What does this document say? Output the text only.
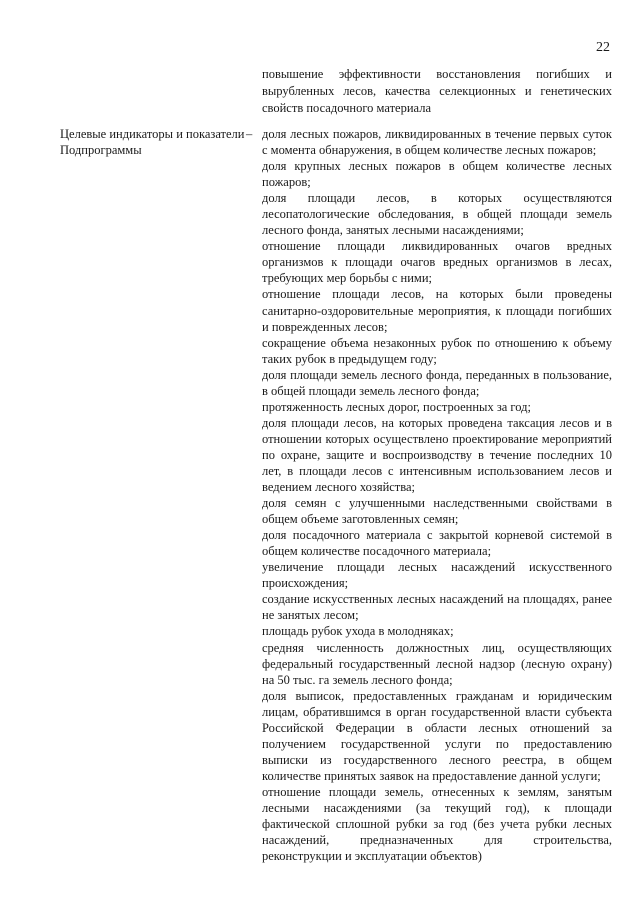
22
повышение эффективности восстановления погибших и вырубленных лесов, качества селекционных и генетических свойств посадочного материала
Целевые индикаторы и показатели Подпрограммы
– доля лесных пожаров, ликвидированных в течение первых суток с момента обнаружения, в общем количестве лесных пожаров;
доля крупных лесных пожаров в общем количестве лесных пожаров;
доля площади лесов, в которых осуществляются лесопатологические обследования, в общей площади земель лесного фонда, занятых лесными насаждениями;
отношение площади ликвидированных очагов вредных организмов к площади очагов вредных организмов в лесах, требующих мер борьбы с ними;
отношение площади лесов, на которых были проведены санитарно-оздоровительные мероприятия, к площади погибших и поврежденных лесов;
сокращение объема незаконных рубок по отношению к объему таких рубок в предыдущем году;
доля площади земель лесного фонда, переданных в пользование, в общей площади земель лесного фонда;
протяженность лесных дорог, построенных за год;
доля площади лесов, на которых проведена таксация лесов и в отношении которых осуществлено проектирование мероприятий по охране, защите и воспроизводству в течение последних 10 лет, в площади лесов с интенсивным использованием лесов и ведением лесного хозяйства;
доля семян с улучшенными наследственными свойствами в общем объеме заготовленных семян;
доля посадочного материала с закрытой корневой системой в общем количестве посадочного материала;
увеличение площади лесных насаждений искусственного происхождения;
создание искусственных лесных насаждений на площадях, ранее не занятых лесом;
площадь рубок ухода в молодняках;
средняя численность должностных лиц, осуществляющих федеральный государственный лесной надзор (лесную охрану) на 50 тыс. га земель лесного фонда;
доля выписок, предоставленных гражданам и юридическим лицам, обратившимся в орган государственной власти субъекта Российской Федерации в области лесных отношений за получением государственной услуги по предоставлению выписки из государственного лесного реестра, в общем количестве принятых заявок на предоставление данной услуги;
отношение площади земель, отнесенных к землям, занятым лесными насаждениями (за текущий год), к площади фактической сплошной рубки за год (без учета рубки лесных насаждений, предназначенных для строительства, реконструкции и эксплуатации объектов)
